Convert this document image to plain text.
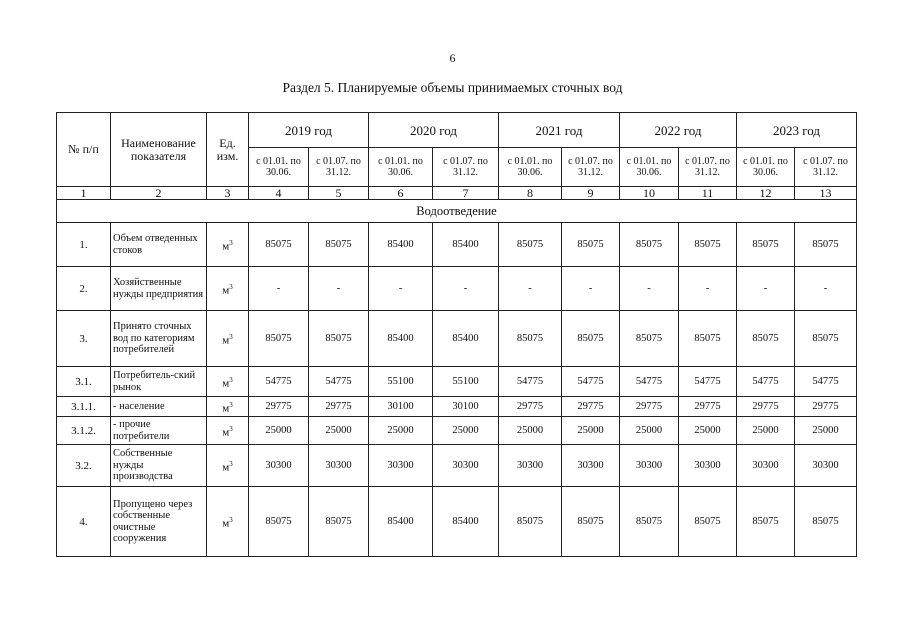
6
Раздел 5. Планируемые объемы принимаемых сточных вод
№ п/п	Наименование показателя	Ед. изм.	2019 год		2020 год		2021 год		2022 год		2023 год	
			с 01.01. по 30.06.	с 01.07. по 31.12.	с 01.01. по 30.06.	с 01.07. по 31.12.	с 01.01. по 30.06.	с 01.07. по 31.12.	с 01.01. по 30.06.	с 01.07. по 31.12.	с 01.01. по 30.06.	с 01.07. по 31.12.
1	2	3	4	5	6	7	8	9	10	11	12	13
Водоотведение												
1.	Объем отведенных стоков	$м^3$	85075	85075	85400	85400	85075	85075	85075	85075	85075	85075
2.	Хозяйственные нужды предприятия	$м^3$	-	-	-	-	-	-	-	-	-	-
3.	Принято сточных вод по категориям потребителей	$м^3$	85075	85075	85400	85400	85075	85075	85075	85075	85075	85075
3.1.	Потребитель-ский рынок	$м^3$	54775	54775	55100	55100	54775	54775	54775	54775	54775	54775
3.1.1.	- население	$м^3$	29775	29775	30100	30100	29775	29775	29775	29775	29775	29775
3.1.2.	- прочие потребители	$м^3$	25000	25000	25000	25000	25000	25000	25000	25000	25000	25000
3.2.	Собственные нужды производства	$м^3$	30300	30300	30300	30300	30300	30300	30300	30300	30300	30300
4.	Пропущено через собственные очистные сооружения	$м^3$	85075	85075	85400	85400	85075	85075	85075	85075	85075	85075
